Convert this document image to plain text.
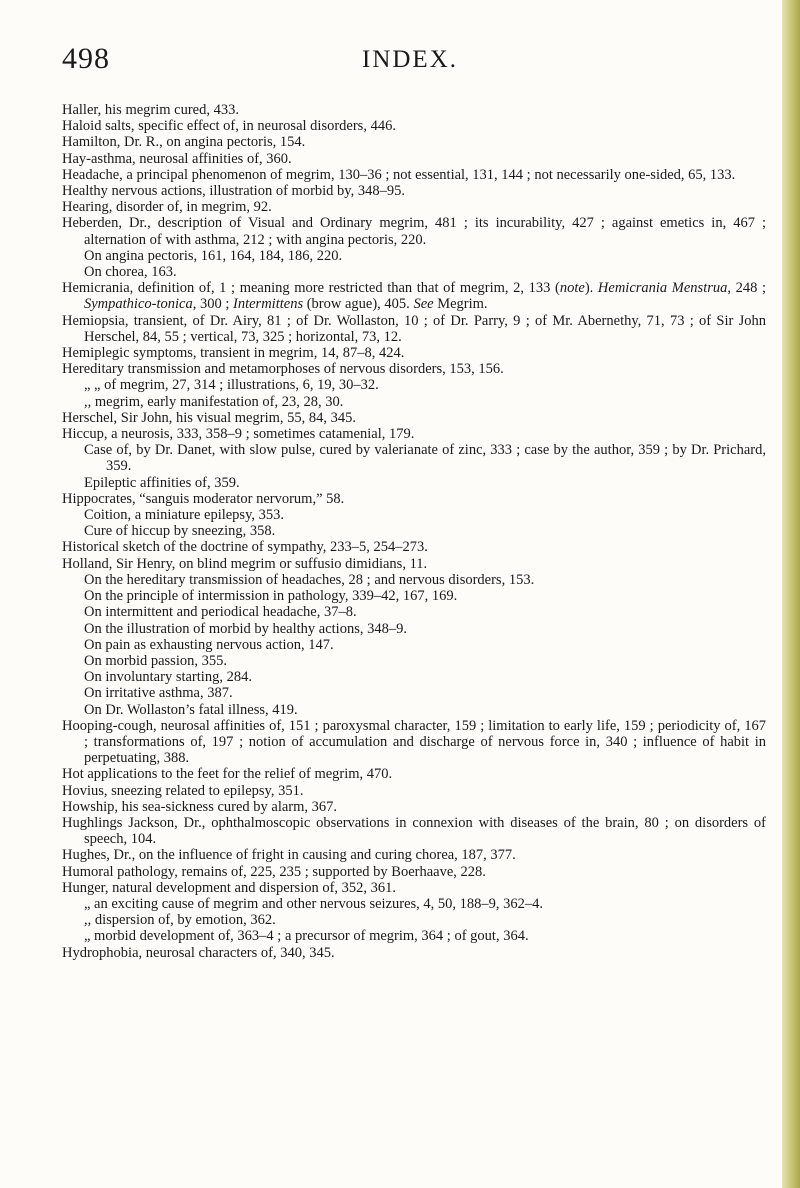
498	INDEX.

Haller, his megrim cured, 433.

Haloid salts, specific effect of, in neurosal disorders, 446.

Hamilton, Dr. R., on angina pectoris, 154.

Hay-asthma, neurosal affinities of, 360.

Headache, a principal phenomenon of megrim, 130–36 ; not essential, 131, 144 ; not necessarily one-sided, 65, 133.

Healthy nervous actions, illustration of morbid by, 348–95.

Hearing, disorder of, in megrim, 92.

Heberden, Dr., description of Visual and Ordinary megrim, 481 ; its incurability, 427 ; against emetics in, 467 ; alternation of with asthma, 212 ; with angina pectoris, 220.

On angina pectoris, 161, 164, 184, 186, 220.

On chorea, 163.

Hemicrania, definition of, 1 ; meaning more restricted than that of megrim, 2, 133 (note). Hemicrania Menstrua, 248 ; Sympathico-tonica, 300 ; Intermittens (brow ague), 405. See Megrim.

Hemiopsia, transient, of Dr. Airy, 81 ; of Dr. Wollaston, 10 ; of Dr. Parry, 9 ; of Mr. Abernethy, 71, 73 ; of Sir John Herschel, 84, 55 ; vertical, 73, 325 ; horizontal, 73, 12.

Hemiplegic symptoms, transient in megrim, 14, 87–8, 424.

Hereditary transmission and metamorphoses of nervous disorders, 153, 156.

„ „ of megrim, 27, 314 ; illustrations, 6, 19, 30–32.

,, megrim, early manifestation of, 23, 28, 30.

Herschel, Sir John, his visual megrim, 55, 84, 345.

Hiccup, a neurosis, 333, 358–9 ; sometimes catamenial, 179.

Case of, by Dr. Danet, with slow pulse, cured by valerianate of zinc, 333 ; case by the author, 359 ; by Dr. Prichard, 359.

Epileptic affinities of, 359.

Hippocrates, “sanguis moderator nervorum,” 58.

Coition, a miniature epilepsy, 353.

Cure of hiccup by sneezing, 358.

Historical sketch of the doctrine of sympathy, 233–5, 254–273.

Holland, Sir Henry, on blind megrim or suffusio dimidians, 11.

On the hereditary transmission of headaches, 28 ; and nervous disorders, 153.

On the principle of intermission in pathology, 339–42, 167, 169.

On intermittent and periodical headache, 37–8.

On the illustration of morbid by healthy actions, 348–9.

On pain as exhausting nervous action, 147.

On morbid passion, 355.

On involuntary starting, 284.

On irritative asthma, 387.

On Dr. Wollaston’s fatal illness, 419.

Hooping-cough, neurosal affinities of, 151 ; paroxysmal character, 159 ; limitation to early life, 159 ; periodicity of, 167 ; transformations of, 197 ; notion of accumulation and discharge of nervous force in, 340 ; influence of habit in perpetuating, 388.

Hot applications to the feet for the relief of megrim, 470.

Hovius, sneezing related to epilepsy, 351.

Howship, his sea-sickness cured by alarm, 367.

Hughlings Jackson, Dr., ophthalmoscopic observations in connexion with diseases of the brain, 80 ; on disorders of speech, 104.

Hughes, Dr., on the influence of fright in causing and curing chorea, 187, 377.

Humoral pathology, remains of, 225, 235 ; supported by Boerhaave, 228.

Hunger, natural development and dispersion of, 352, 361.

„ an exciting cause of megrim and other nervous seizures, 4, 50, 188–9, 362–4.

,, dispersion of, by emotion, 362.

„ morbid development of, 363–4 ; a precursor of megrim, 364 ; of gout, 364.

Hydrophobia, neurosal characters of, 340, 345.
